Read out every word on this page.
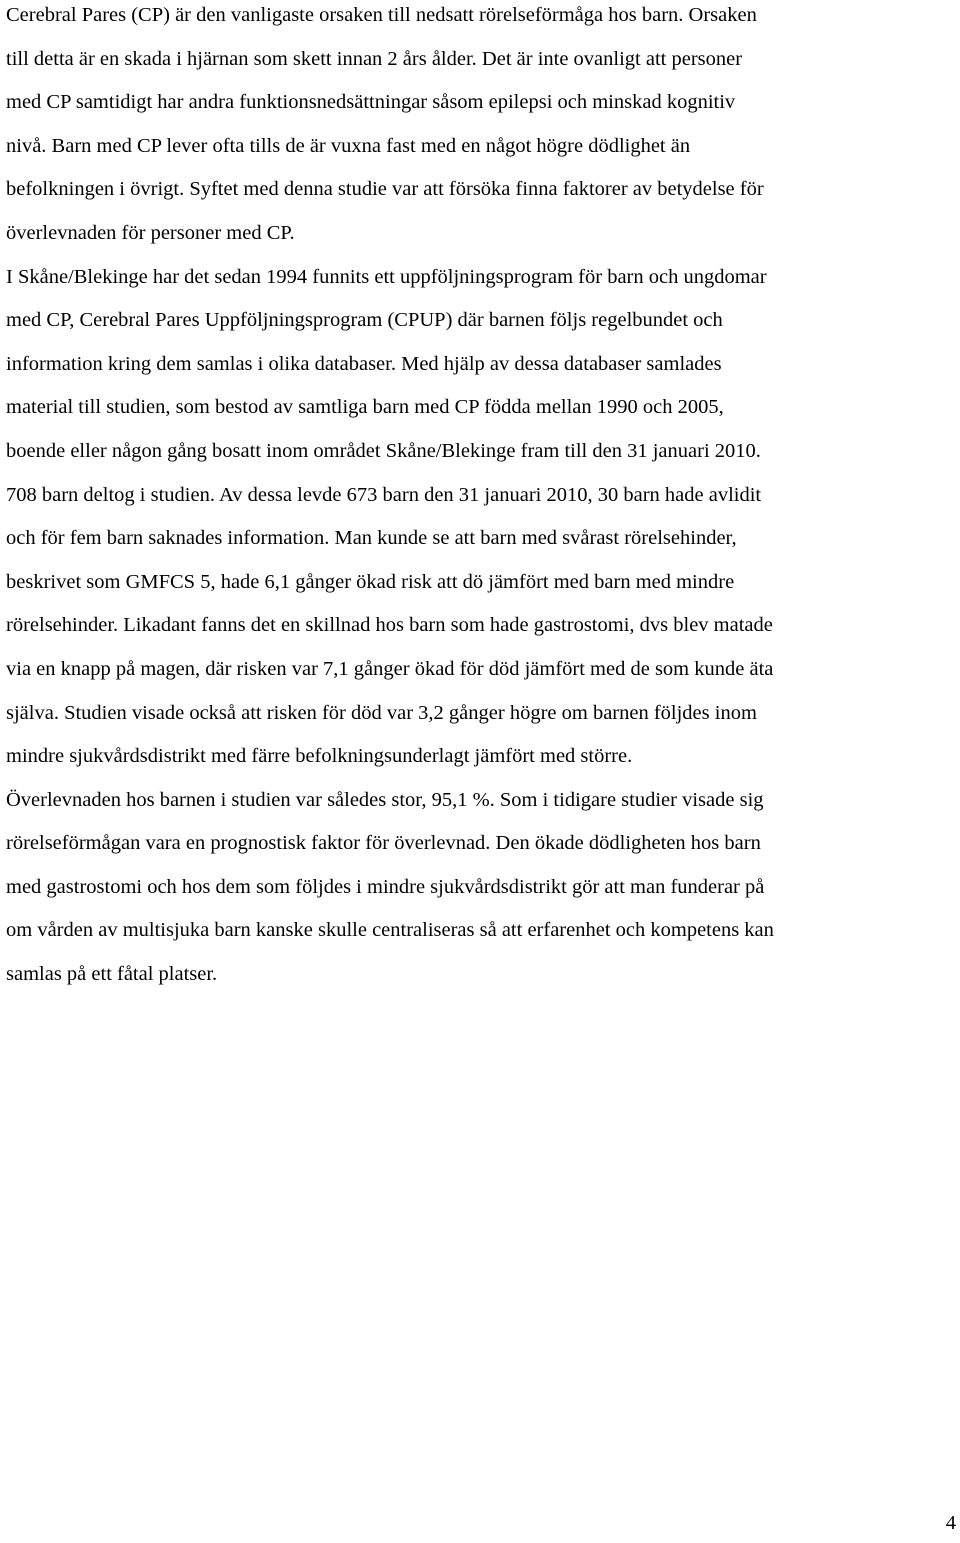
Cerebral Pares (CP) är den vanligaste orsaken till nedsatt rörelseförmåga hos barn. Orsaken
till detta är en skada i hjärnan som skett innan 2 års ålder. Det är inte ovanligt att personer
med CP samtidigt har andra funktionsnedsättningar såsom epilepsi och minskad kognitiv
nivå. Barn med CP lever ofta tills de är vuxna fast med en något högre dödlighet än
befolkningen i övrigt. Syftet med denna studie var att försöka finna faktorer av betydelse för
överlevnaden för personer med CP.
I Skåne/Blekinge har det sedan 1994 funnits ett uppföljningsprogram för barn och ungdomar
med CP, Cerebral Pares Uppföljningsprogram (CPUP) där barnen följs regelbundet och
information kring dem samlas i olika databaser. Med hjälp av dessa databaser samlades
material till studien, som bestod av samtliga barn med CP födda mellan 1990 och 2005,
boende eller någon gång bosatt inom området Skåne/Blekinge fram till den 31 januari 2010.
708 barn deltog i studien. Av dessa levde 673 barn den 31 januari 2010, 30 barn hade avlidit
och för fem barn saknades information. Man kunde se att barn med svårast rörelsehinder,
beskrivet som GMFCS 5, hade 6,1 gånger ökad risk att dö jämfört med barn med mindre
rörelsehinder. Likadant fanns det en skillnad hos barn som hade gastrostomi, dvs blev matade
via en knapp på magen, där risken var 7,1 gånger ökad för död jämfört med de som kunde äta
själva. Studien visade också att risken för död var 3,2 gånger högre om barnen följdes inom
mindre sjukvårdsdistrikt med färre befolkningsunderlagt jämfört med större.
Överlevnaden hos barnen i studien var således stor, 95,1 %. Som i tidigare studier visade sig
rörelseförmågan vara en prognostisk faktor för överlevnad. Den ökade dödligheten hos barn
med gastrostomi och hos dem som följdes i mindre sjukvårdsdistrikt gör att man funderar på
om vården av multisjuka barn kanske skulle centraliseras så att erfarenhet och kompetens kan
samlas på ett fåtal platser.
4
